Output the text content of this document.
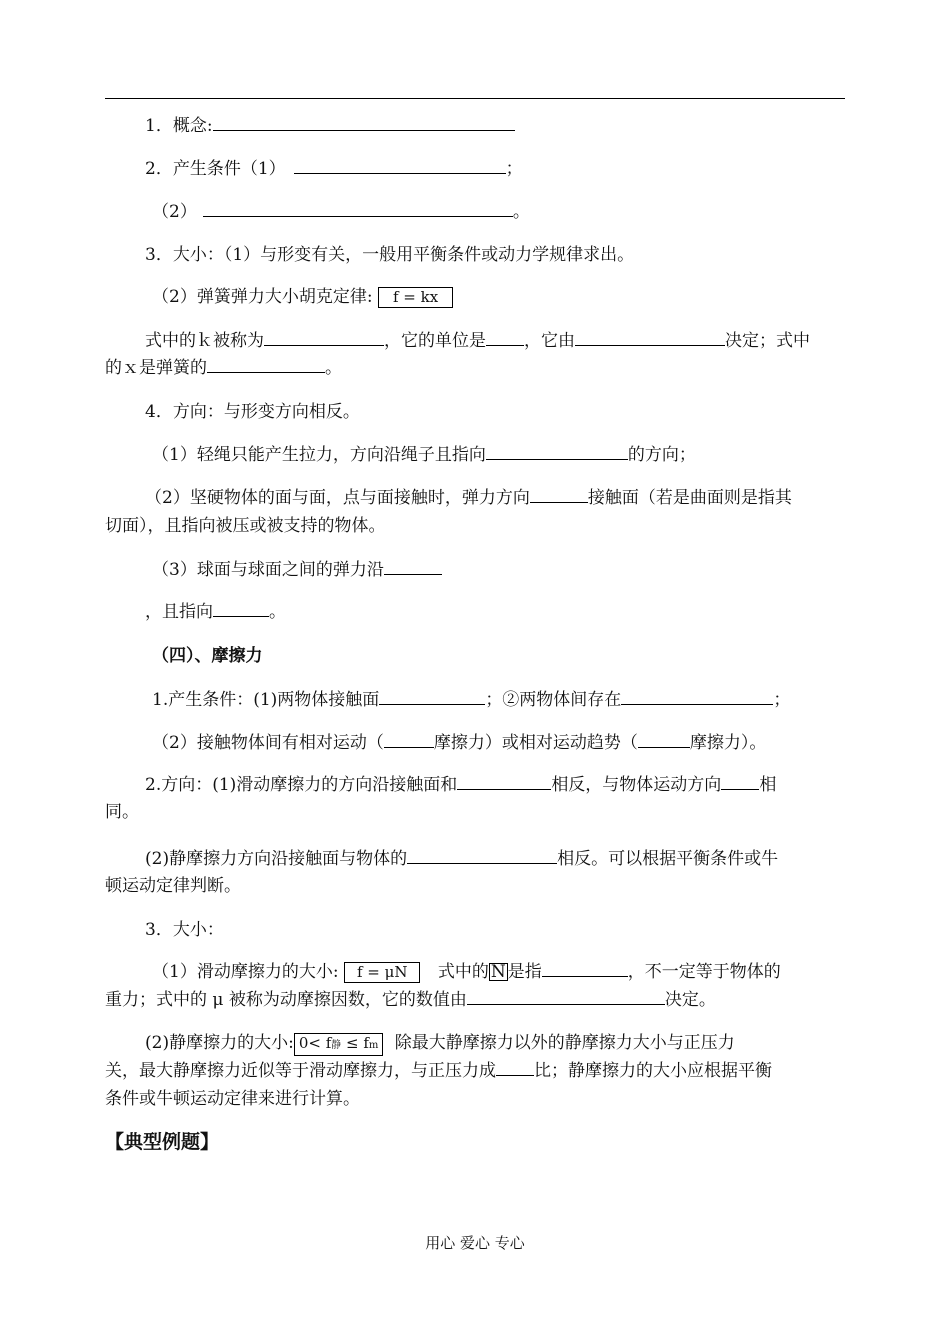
1．概念:
2．产生条件（1）	；
（2）	。
3．大小：（1）与形变有关，一般用平衡条件或动力学规律求出。
（2）弹簧弹力大小胡克定律: f = kx
式中的ｋ被称为	，它的单位是 ，它由	决定；式中
的ｘ是弹簧的	。
4．方向：与形变方向相反。
（1）轻绳只能产生拉力，方向沿绳子且指向	的方向；
（2）坚硬物体的面与面，点与面接触时，弹力方向	接触面（若是曲面则是指其
切面），且指向被压或被支持的物体。
（3）球面与球面之间的弹力沿
，且指向	。
（四）、摩擦力
1.产生条件：(1)两物体接触面	；②两物体间存在	；
（2）接触物体间有相对运动（	摩擦力）或相对运动趋势（	摩擦力）。
2.方向：(1)滑动摩擦力的方向沿接触面和	相反，与物体运动方向 相
同。
(2)静摩擦力方向沿接触面与物体的	相反。可以根据平衡条件或牛
顿运动定律判断。
3．大小：
（1）滑动摩擦力的大小: f = μN 式中的 N 是指	，不一定等于物体的
重力；式中的 μ 被称为动摩擦因数，它的数值由	决定。
(2)静摩擦力的大小: 0< f静 ≤ fm 除最大静摩擦力以外的静摩擦力大小与正压力
关，最大静摩擦力近似等于滑动摩擦力，与正压力成 比；静摩擦力的大小应根据平衡
条件或牛顿运动定律来进行计算。
【典型例题】
用心 爱心 专心
